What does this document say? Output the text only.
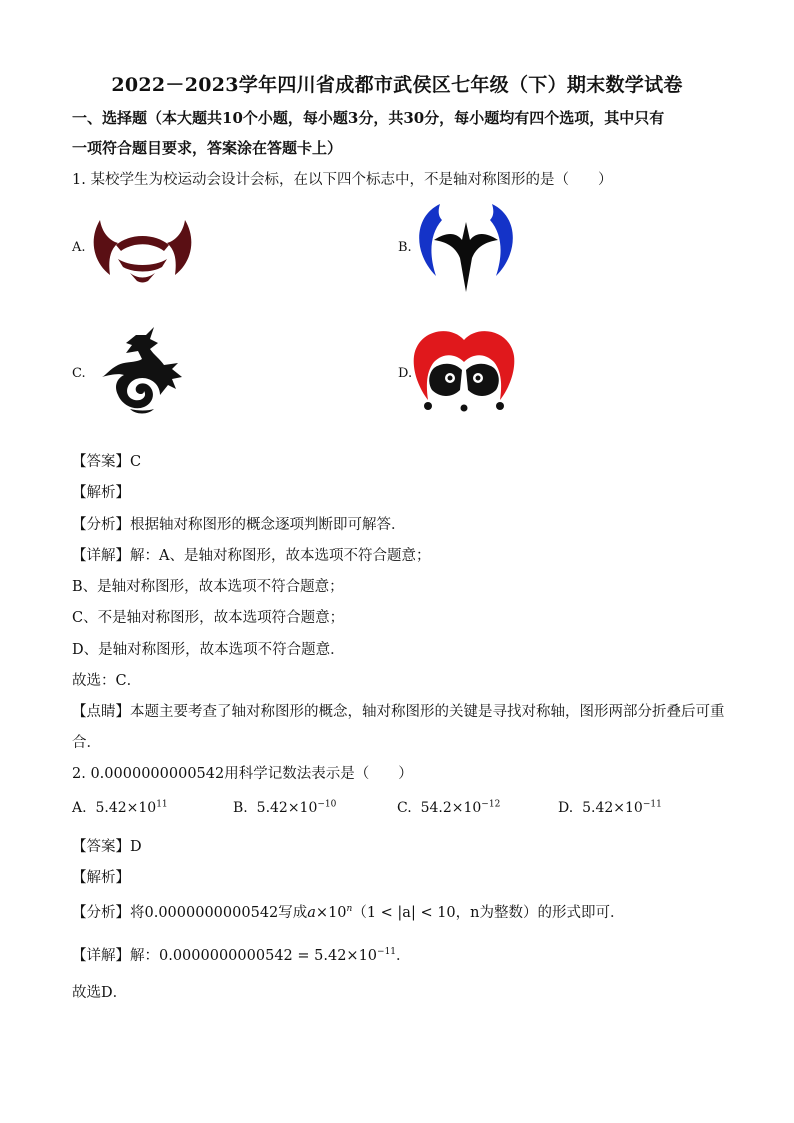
2022－2023学年四川省成都市武侯区七年级（下）期末数学试卷
一、选择题（本大题共10个小题，每小题3分，共30分，每小题均有四个选项，其中只有
一项符合题目要求，答案涂在答题卡上）
1. 某校学生为校运动会设计会标，在以下四个标志中，不是轴对称图形的是（　　）
A.	B.
C.	D.
【答案】C
【解析】
【分析】根据轴对称图形的概念逐项判断即可解答．
【详解】解：A、是轴对称图形，故本选项不符合题意；
B、是轴对称图形，故本选项不符合题意；
C、不是轴对称图形，故本选项符合题意；
D、是轴对称图形，故本选项不符合题意．
故选：C．
【点睛】本题主要考查了轴对称图形的概念，轴对称图形的关键是寻找对称轴，图形两部分折叠后可重
合．
2. 0.0000000000542用科学记数法表示是（　　）
A. $5.42\times 10^{11}$	B. $5.42\times 10^{-10}$	C. $54.2\times 10^{-12}$	D. $5.42\times 10^{-11}$
【答案】D
【解析】
【分析】将0.0000000000542写成$a\times 10^n(1 < |a| < 10$，n为整数）的形式即可．
【详解】解：$0.0000000000542 = 5.42\times 10^{-11}$．
故选D．
